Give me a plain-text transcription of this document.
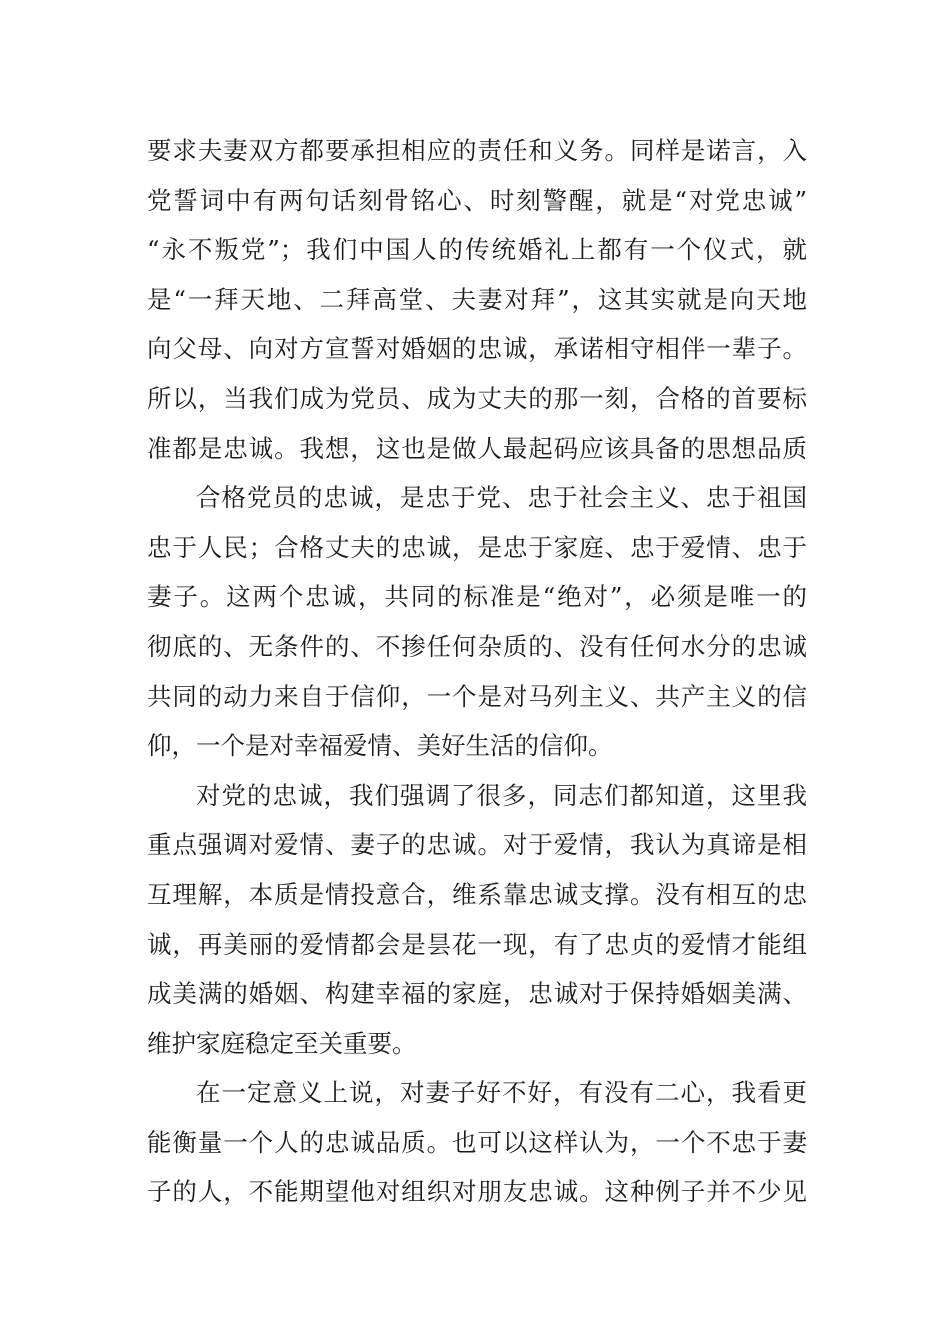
要求夫妻双方都要承担相应的责任和义务。同样是诺言，入
党誓词中有两句话刻骨铭心、时刻警醒，就是“对党忠诚”
“永不叛党”；我们中国人的传统婚礼上都有一个仪式，就
是“一拜天地、二拜高堂、夫妻对拜”，这其实就是向天地
向父母、向对方宣誓对婚姻的忠诚，承诺相守相伴一辈子。
所以，当我们成为党员、成为丈夫的那一刻，合格的首要标
准都是忠诚。我想，这也是做人最起码应该具备的思想品质
合格党员的忠诚，是忠于党、忠于社会主义、忠于祖国
忠于人民；合格丈夫的忠诚，是忠于家庭、忠于爱情、忠于
妻子。这两个忠诚，共同的标准是“绝对”，必须是唯一的
彻底的、无条件的、不掺任何杂质的、没有任何水分的忠诚
共同的动力来自于信仰，一个是对马列主义、共产主义的信
仰，一个是对幸福爱情、美好生活的信仰。
对党的忠诚，我们强调了很多，同志们都知道，这里我
重点强调对爱情、妻子的忠诚。对于爱情，我认为真谛是相
互理解，本质是情投意合，维系靠忠诚支撑。没有相互的忠
诚，再美丽的爱情都会是昙花一现，有了忠贞的爱情才能组
成美满的婚姻、构建幸福的家庭，忠诚对于保持婚姻美满、
维护家庭稳定至关重要。
在一定意义上说，对妻子好不好，有没有二心，我看更
能衡量一个人的忠诚品质。也可以这样认为，一个不忠于妻
子的人，不能期望他对组织对朋友忠诚。这种例子并不少见
